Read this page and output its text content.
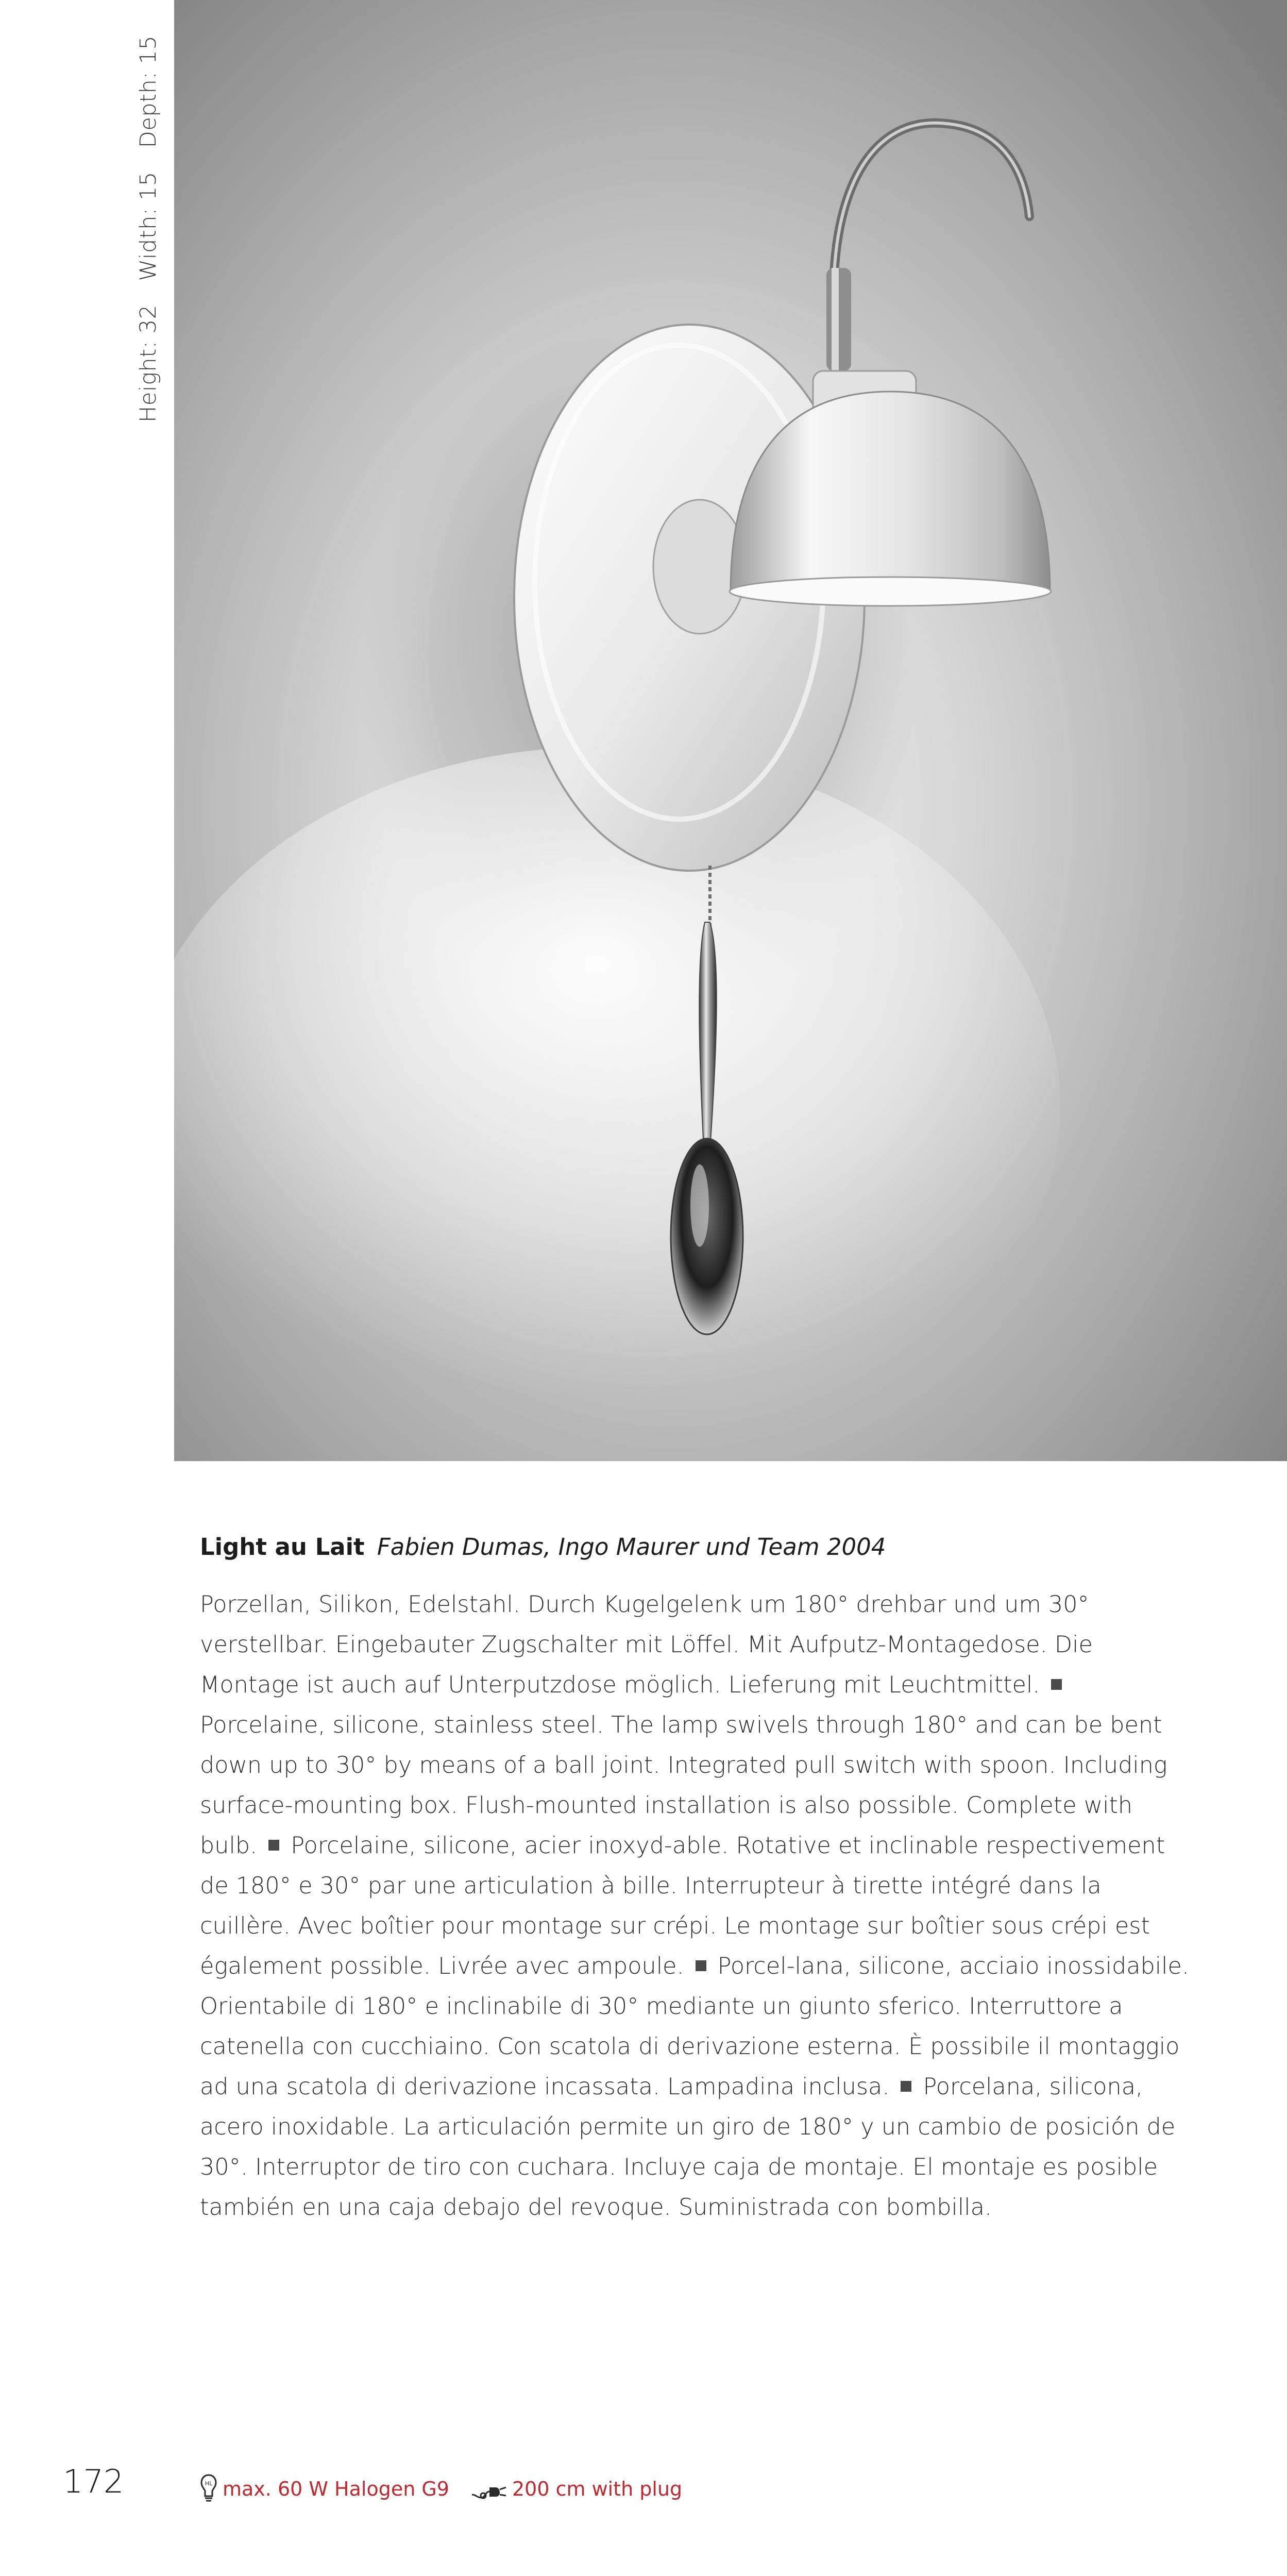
Height: 32
Width: 15
Depth: 15
Light au Lait Fabien Dumas, Ingo Maurer und Team 2004

Porzellan, Silikon, Edelstahl. Durch Kugelgelenk um 180° drehbar und um 30° verstellbar. Eingebauter Zugschalter mit Löffel. Mit Aufputz-Montagedose. Die Montage ist auch auf Unterputzdose möglich. Lieferung mit Leuchtmittel.Porcelaine, silicone, stainless steel. The lamp swivels through 180° and can be bent down up to 30° by means of a ball joint. Integrated pull switch with spoon. Including surface-mounting box. Flush-mounted installation is also possible. Complete with bulb. Porcelaine, silicone, acier inoxyd-able. Rotative et inclinable respectivement de 180° e 30° par une articulation à bille. Interrupteur à tirette intégré dans la cuillère. Avec boîtier pour montage sur crépi. Le montage sur boîtier sous crépi est également possible. Livrée avec ampoule. Porcel-lana, silicone, acciaio inossidabile. Orientabile di 180° e inclinabile di 30° mediante un giunto sferico. Interruttore a catenella con cucchiaino. Con scatola di derivazione esterna. È possibile il montaggio ad una scatola di derivazione incassata. Lampadina inclusa. Porcelana, silicona, acero inoxidable. La articulación permite un giro de 180° y un cambio de posición de 30°. Interruptor de tiro con cuchara. Incluye caja de montaje. El montaje es posible también en una caja debajo del revoque. Suministrada con bombilla.

172	HL max. 60 W Halogen G9	200 cm with plug
